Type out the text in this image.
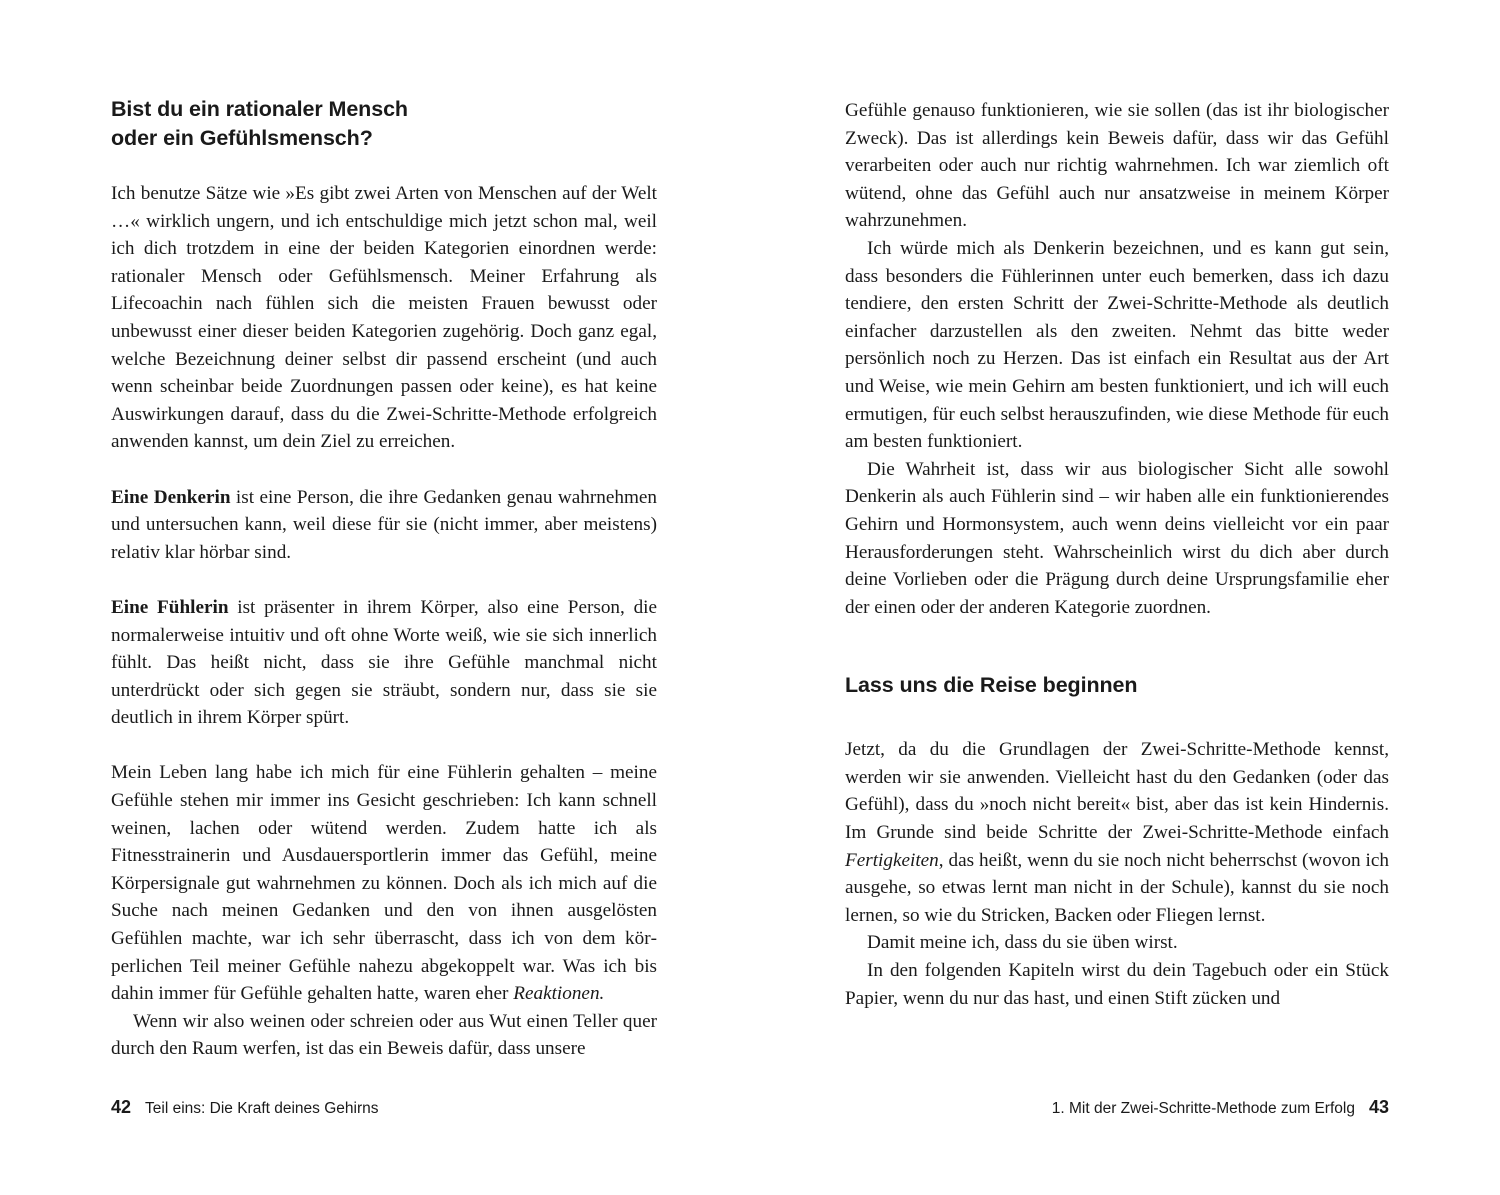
Bist du ein rationaler Mensch
oder ein Gefühlsmensch?

Ich benutze Sätze wie »Es gibt zwei Arten von Menschen auf der Welt …« wirklich ungern, und ich entschuldige mich jetzt schon mal, weil ich dich trotzdem in eine der beiden Kategorien einordnen werde: rationaler Mensch oder Gefühlsmensch. Meiner Erfahrung als Lifecoachin nach fühlen sich die meisten Frauen bewusst oder unbewusst einer dieser beiden Kategorien zugehörig. Doch ganz egal, welche Bezeichnung deiner selbst dir passend erscheint (und auch wenn scheinbar beide Zuordnungen passen oder keine), es hat keine Auswirkungen darauf, dass du die Zwei-Schritte-Methode erfolgreich anwenden kannst, um dein Ziel zu erreichen.

Eine Denkerin ist eine Person, die ihre Gedanken genau wahrnehmen und untersuchen kann, weil diese für sie (nicht immer, aber meistens) relativ klar hörbar sind.

Eine Fühlerin ist präsenter in ihrem Körper, also eine Person, die normalerweise intuitiv und oft ohne Worte weiß, wie sie sich innerlich fühlt. Das heißt nicht, dass sie ihre Gefühle manchmal nicht unterdrückt oder sich gegen sie sträubt, sondern nur, dass sie sie deutlich in ihrem Körper spürt.

Mein Leben lang habe ich mich für eine Fühlerin gehalten – meine Gefühle stehen mir immer ins Gesicht geschrieben: Ich kann schnell weinen, lachen oder wütend werden. Zudem hatte ich als Fitnesstrainerin und Ausdauersportlerin immer das Gefühl, meine Körpersignale gut wahrnehmen zu können. Doch als ich mich auf die Suche nach meinen Gedanken und den von ihnen ausgelösten Gefühlen machte, war ich sehr überrascht, dass ich von dem körperlichen Teil meiner Gefühle nahezu abgekoppelt war. Was ich bis dahin immer für Gefühle gehalten hatte, waren eher Reaktionen.

Wenn wir also weinen oder schreien oder aus Wut einen Teller quer durch den Raum werfen, ist das ein Beweis dafür, dass unsere

Gefühle genauso funktionieren, wie sie sollen (das ist ihr biologischer Zweck). Das ist allerdings kein Beweis dafür, dass wir das Gefühl verarbeiten oder auch nur richtig wahrnehmen. Ich war ziemlich oft wütend, ohne das Gefühl auch nur ansatzweise in meinem Körper wahrzunehmen.

Ich würde mich als Denkerin bezeichnen, und es kann gut sein, dass besonders die Fühlerinnen unter euch bemerken, dass ich dazu tendiere, den ersten Schritt der Zwei-Schritte-Methode als deutlich einfacher darzustellen als den zweiten. Nehmt das bitte weder persönlich noch zu Herzen. Das ist einfach ein Resultat aus der Art und Weise, wie mein Gehirn am besten funktioniert, und ich will euch ermutigen, für euch selbst herauszufinden, wie diese Methode für euch am besten funktioniert.

Die Wahrheit ist, dass wir aus biologischer Sicht alle sowohl Denkerin als auch Fühlerin sind – wir haben alle ein funktionierendes Gehirn und Hormonsystem, auch wenn deins vielleicht vor ein paar Herausforderungen steht. Wahrscheinlich wirst du dich aber durch deine Vorlieben oder die Prägung durch deine Ursprungsfamilie eher der einen oder der anderen Kategorie zuordnen.

Lass uns die Reise beginnen

Jetzt, da du die Grundlagen der Zwei-Schritte-Methode kennst, werden wir sie anwenden. Vielleicht hast du den Gedanken (oder das Gefühl), dass du »noch nicht bereit« bist, aber das ist kein Hindernis. Im Grunde sind beide Schritte der Zwei-Schritte-Methode einfach Fertigkeiten, das heißt, wenn du sie noch nicht beherrschst (wovon ich ausgehe, so etwas lernt man nicht in der Schule), kannst du sie noch lernen, so wie du Stricken, Backen oder Fliegen lernst.

Damit meine ich, dass du sie üben wirst.

In den folgenden Kapiteln wirst du dein Tagebuch oder ein Stück Papier, wenn du nur das hast, und einen Stift zücken und

42 Teil eins: Die Kraft deines Gehirns	1. Mit der Zwei-Schritte-Methode zum Erfolg 43
